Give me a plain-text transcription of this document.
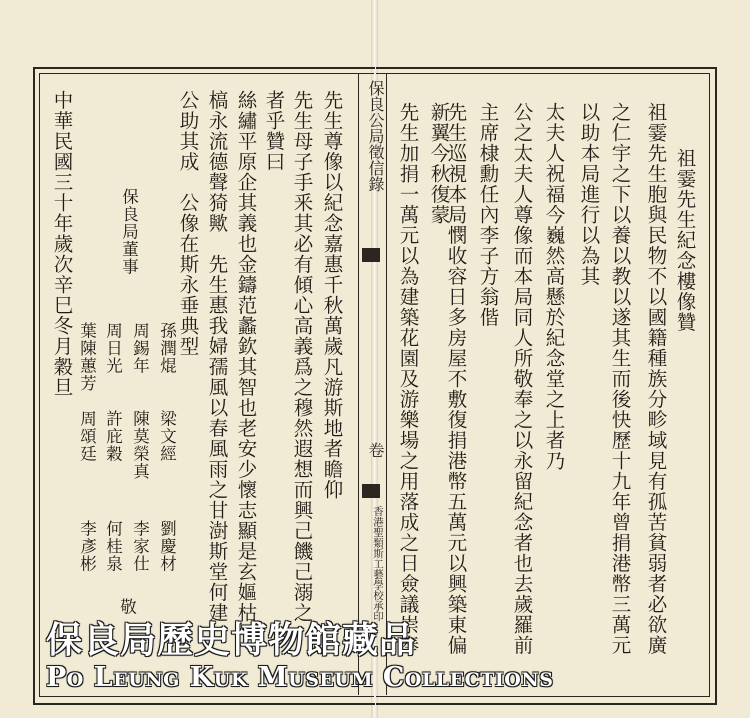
保良公局徵信錄
卷
香港聖類斯工藝學校承印
祖霎先生紀念樓像贊
祖霎先生胞與民物不以國籍種族分畛域見有孤苦貧弱者必欲廣
之仁宇之下以養以教以遂其生而後快歷十九年曾捐港幣三萬元
以助本局進行以為其
太夫人祝福今巍然高懸於紀念堂之上者乃
公之太夫人尊像而本局同人所敬奉之以永留紀念者也去歲羅前
主席棣勳任內李子方翁偕
先生巡視本局憫收容日多房屋不敷復捐港幣五萬元以興築東偏
新翼今秋復蒙
先生加捐一萬元以為建築花園及游樂場之用落成之日僉議崇奉
先生尊像以紀念嘉惠千秋萬歲凡游斯地者瞻仰
先生母子手釆其必有傾心高義爲之穆然遐想而興己饑己溺之
者乎贊曰
絲繡平原企其義也金鑄范蠡欽其智也老安少懷志顯是玄嫗枯
槁永流德聲猗歟　先生惠我婦孺風以春風雨之甘澍斯堂何建
公助其成　公像在斯永垂典型
保良局董事
孫潤焜
梁文經
劉慶材
周錫年
陳莫榮真
李家仕
周日光
許庇穀
何桂泉
葉陳蕙芳
周頌廷
李彥彬
敬
中華民國三十年歲次辛巳冬月穀旦
保良局歷史博物館藏品
Po Leung Kuk Museum Collections
